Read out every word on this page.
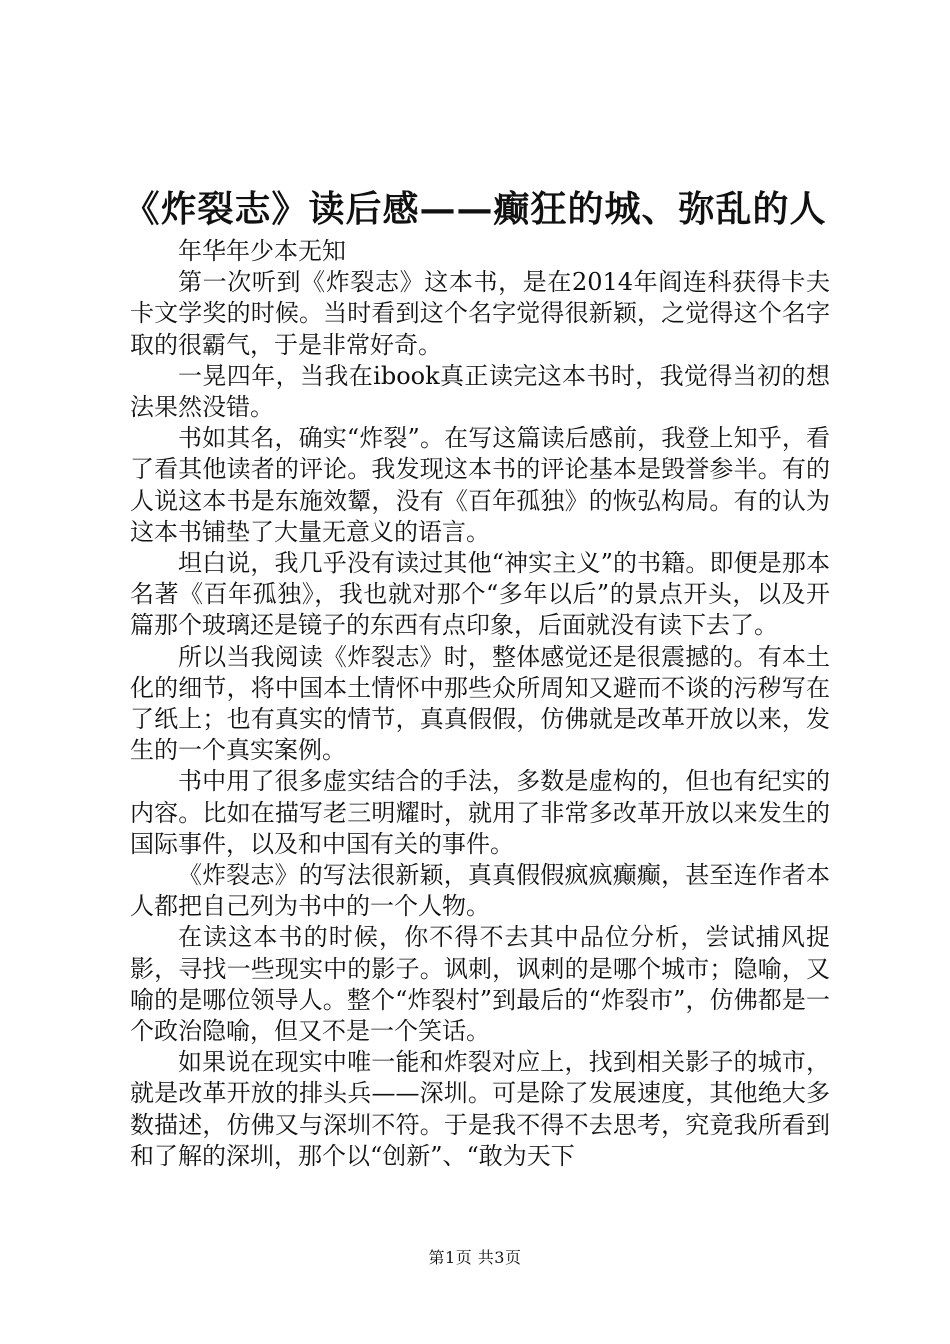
《炸裂志》读后感——癫狂的城、弥乱的人

年华年少本无知

第一次听到《炸裂志》这本书，是在2014年阎连科获得卡夫卡文学奖的时候。当时看到这个名字觉得很新颖，之觉得这个名字取的很霸气，于是非常好奇。

一晃四年，当我在ibook真正读完这本书时，我觉得当初的想法果然没错。

书如其名，确实“炸裂”。在写这篇读后感前，我登上知乎，看了看其他读者的评论。我发现这本书的评论基本是毁誉参半。有的人说这本书是东施效颦，没有《百年孤独》的恢弘构局。有的认为这本书铺垫了大量无意义的语言。

坦白说，我几乎没有读过其他“神实主义”的书籍。即便是那本名著《百年孤独》，我也就对那个“多年以后”的景点开头，以及开篇那个玻璃还是镜子的东西有点印象，后面就没有读下去了。

所以当我阅读《炸裂志》时，整体感觉还是很震撼的。有本土化的细节，将中国本土情怀中那些众所周知又避而不谈的污秽写在了纸上；也有真实的情节，真真假假，仿佛就是改革开放以来，发生的一个真实案例。

书中用了很多虚实结合的手法，多数是虚构的，但也有纪实的内容。比如在描写老三明耀时，就用了非常多改革开放以来发生的国际事件，以及和中国有关的事件。

《炸裂志》的写法很新颖，真真假假疯疯癫癫，甚至连作者本人都把自己列为书中的一个人物。

在读这本书的时候，你不得不去其中品位分析，尝试捕风捉影，寻找一些现实中的影子。讽刺，讽刺的是哪个城市；隐喻，又喻的是哪位领导人。整个“炸裂村”到最后的“炸裂市”，仿佛都是一个政治隐喻，但又不是一个笑话。

如果说在现实中唯一能和炸裂对应上，找到相关影子的城市，就是改革开放的排头兵——深圳。可是除了发展速度，其他绝大多数描述，仿佛又与深圳不符。于是我不得不去思考，究竟我所看到和了解的深圳，那个以“创新”、“敢为天下

第1页 共3页
